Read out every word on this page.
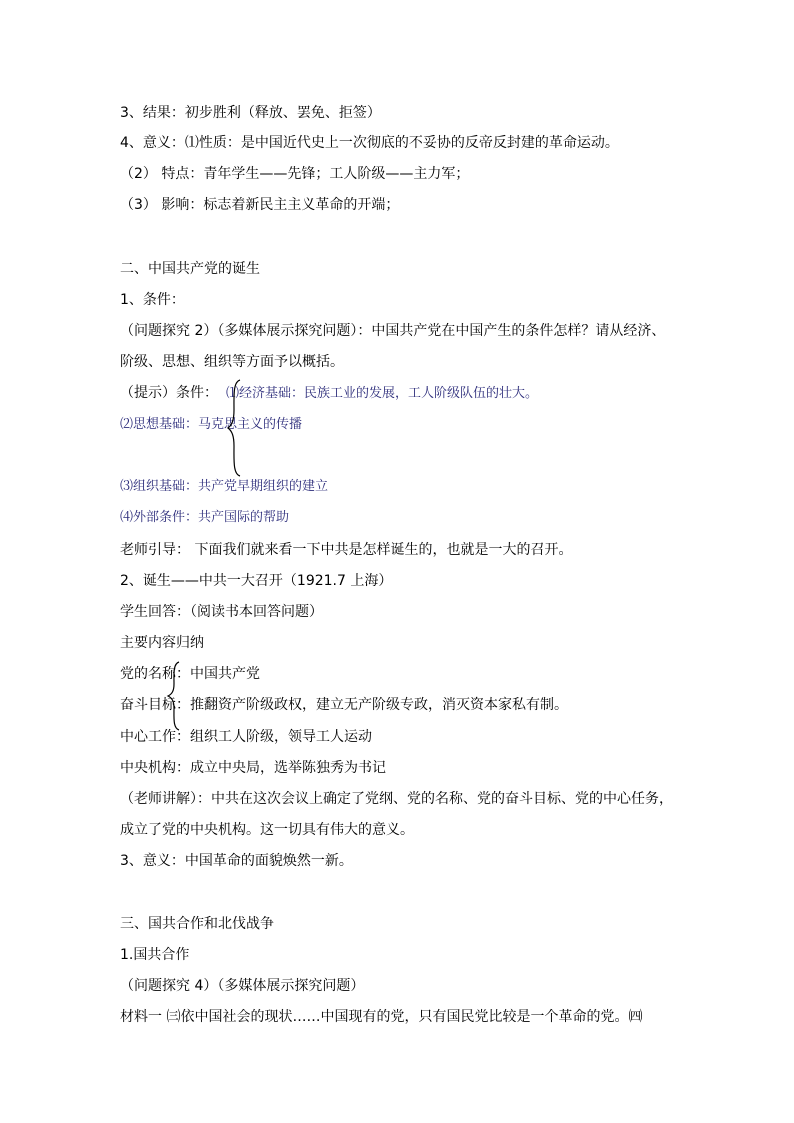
3、结果：初步胜利（释放、罢免、拒签）
4、意义：⑴性质：是中国近代史上一次彻底的不妥协的反帝反封建的革命运动。
（2） 特点：青年学生——先锋；工人阶级——主力军；
（3） 影响：标志着新民主主义革命的开端；
二、中国共产党的诞生
1、条件：
（问题探究 2）（多媒体展示探究问题）：中国共产党在中国产生的条件怎样？请从经济、
阶级、思想、组织等方面予以概括。
（提示）条件： ⑴经济基础：民族工业的发展，工人阶级队伍的壮大。
⑵思想基础：马克思主义的传播
⑶组织基础：共产党早期组织的建立
⑷外部条件：共产国际的帮助
老师引导： 下面我们就来看一下中共是怎样诞生的，也就是一大的召开。
2、诞生——中共一大召开（1921.7 上海）
学生回答：（阅读书本回答问题）
主要内容归纳
党的名称：中国共产党
奋斗目标：推翻资产阶级政权，建立无产阶级专政，消灭资本家私有制。
中心工作：组织工人阶级，领导工人运动
中央机构：成立中央局，选举陈独秀为书记
（老师讲解）：中共在这次会议上确定了党纲、党的名称、党的奋斗目标、党的中心任务，
成立了党的中央机构。这一切具有伟大的意义。
3、意义：中国革命的面貌焕然一新。
三、国共合作和北伐战争
1.国共合作
（问题探究 4）（多媒体展示探究问题）
材料一 ㈢依中国社会的现状……中国现有的党，只有国民党比较是一个革命的党。㈣
